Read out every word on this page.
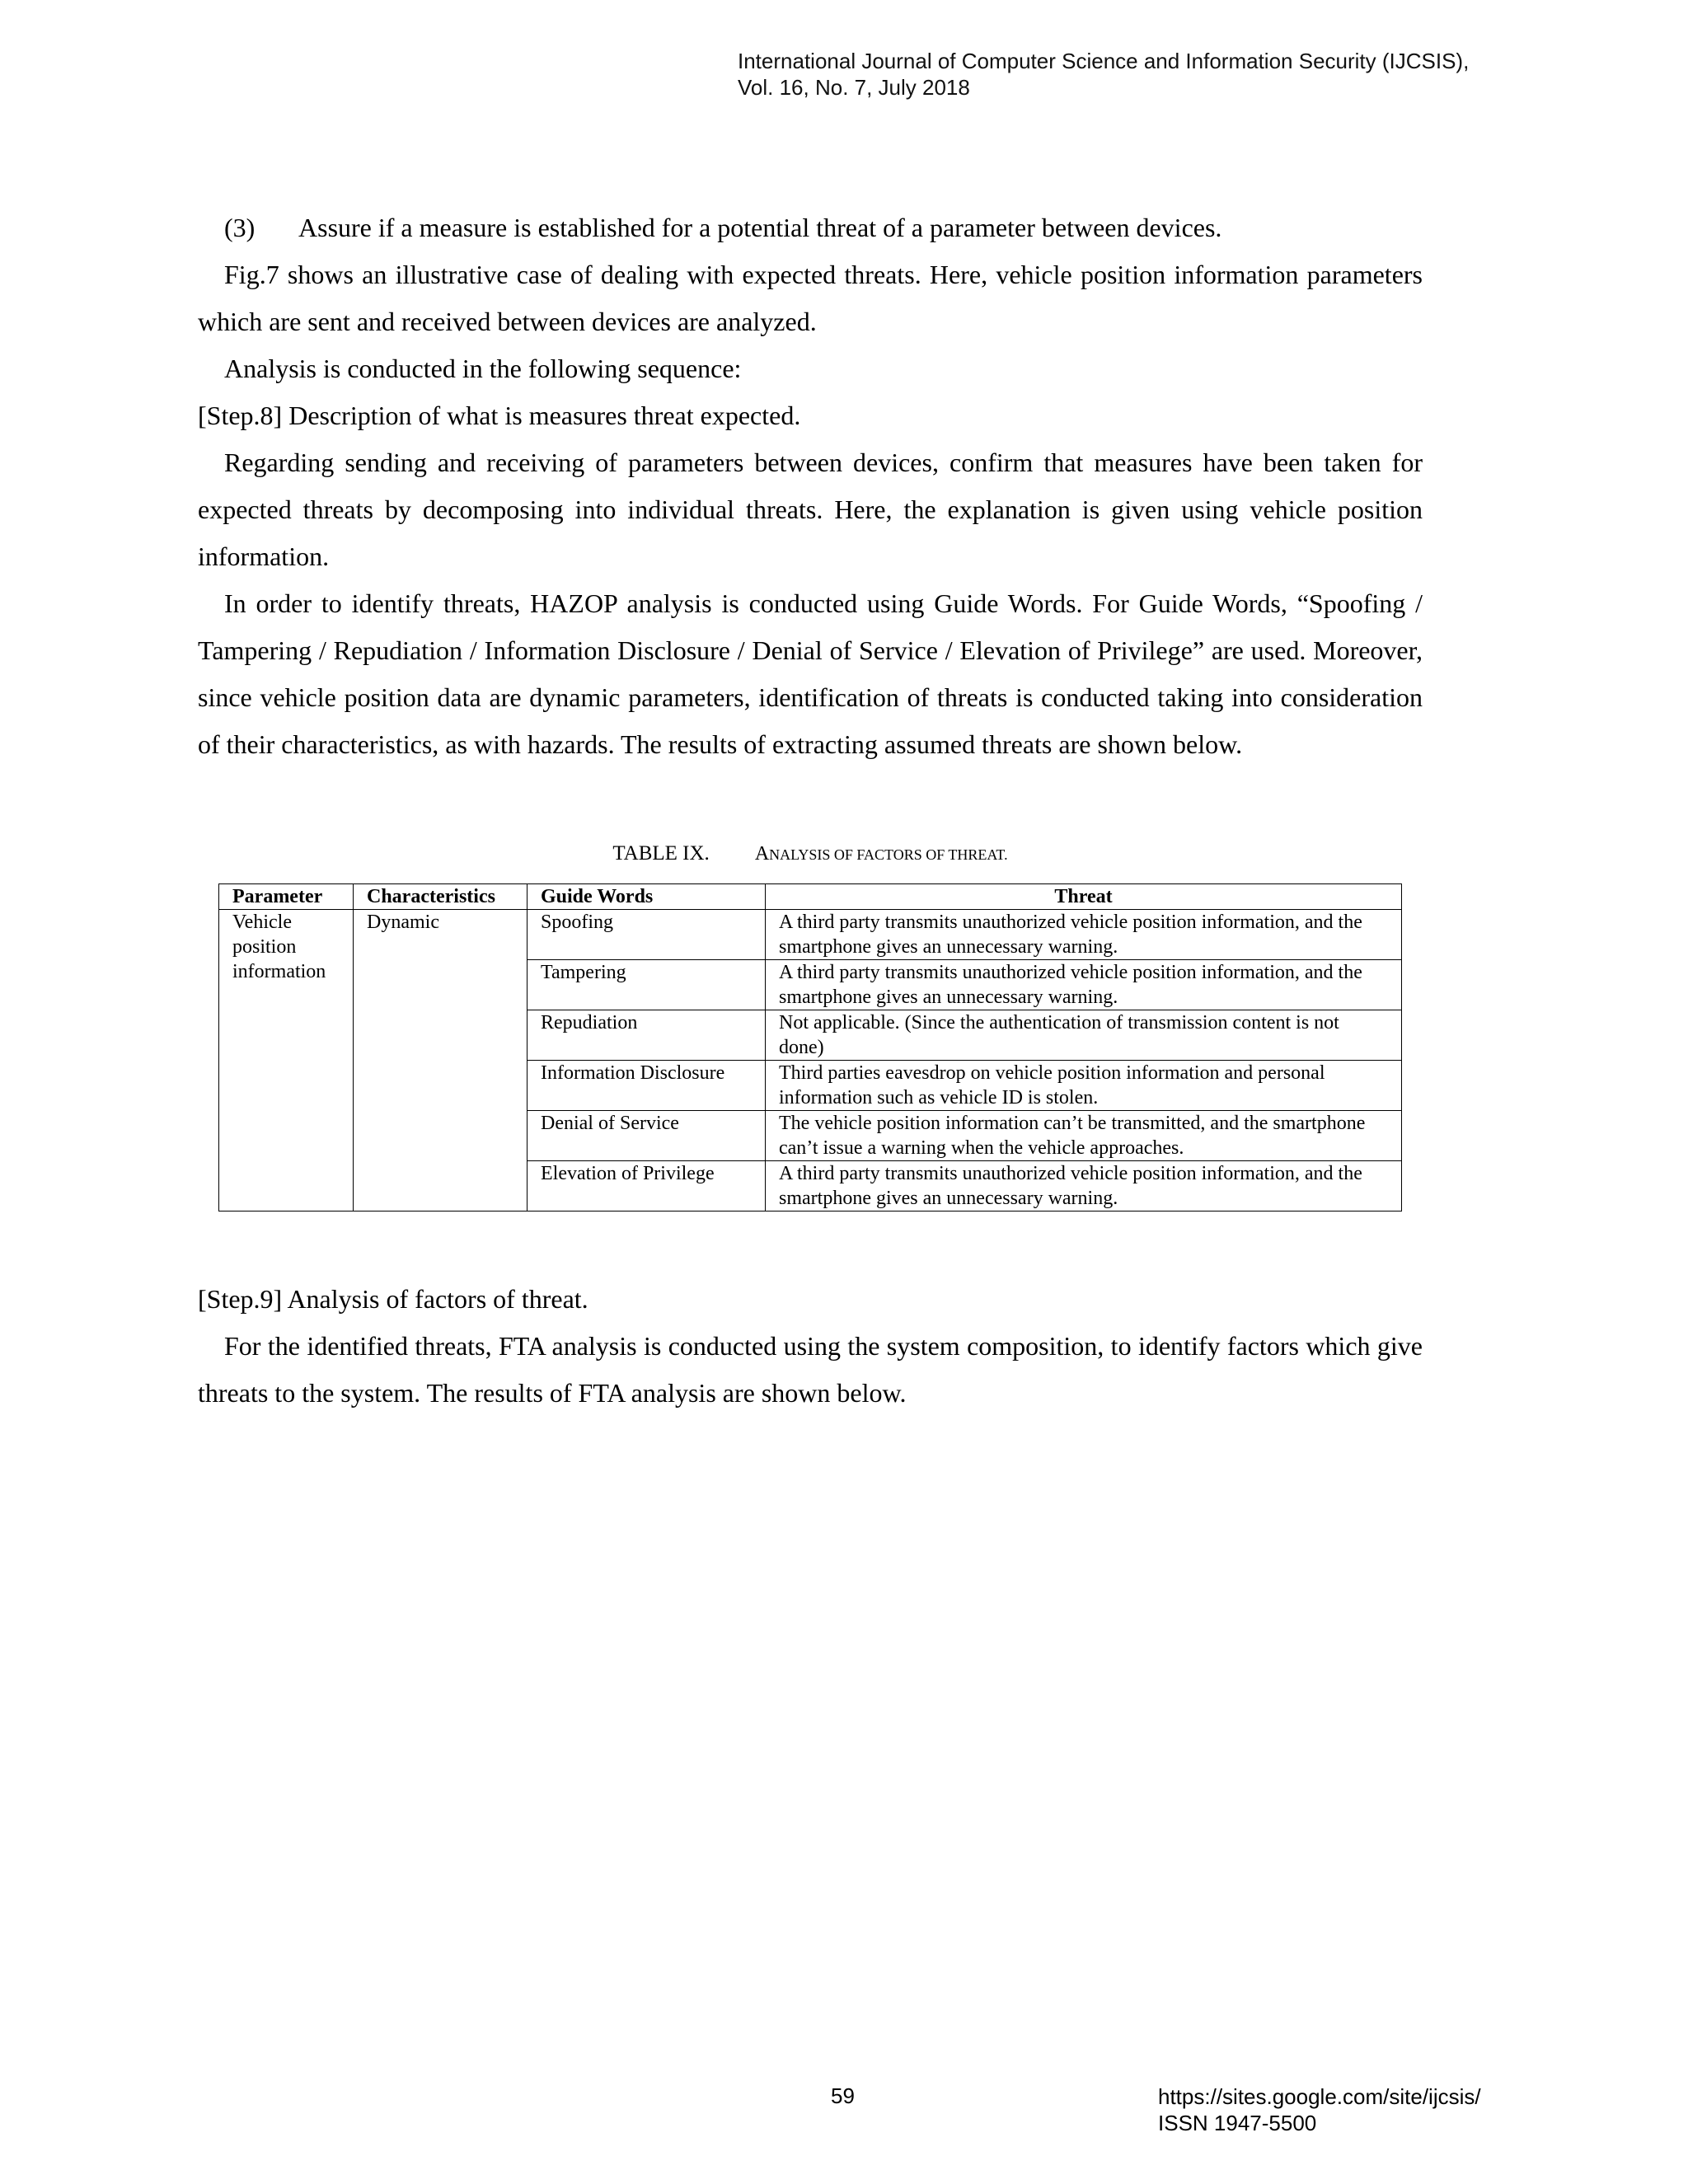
International Journal of Computer Science and Information Security (IJCSIS),
Vol. 16, No. 7, July 2018

(3) Assure if a measure is established for a potential threat of a parameter between devices.

Fig.7 shows an illustrative case of dealing with expected threats. Here, vehicle position information parameters which are sent and received between devices are analyzed.

Analysis is conducted in the following sequence:

[Step.8] Description of what is measures threat expected.

Regarding sending and receiving of parameters between devices, confirm that measures have been taken for expected threats by decomposing into individual threats. Here, the explanation is given using vehicle position information.

In order to identify threats, HAZOP analysis is conducted using Guide Words. For Guide Words, “Spoofing / Tampering / Repudiation / Information Disclosure / Denial of Service / Elevation of Privilege” are used. Moreover, since vehicle position data are dynamic parameters, identification of threats is conducted taking into consideration of their characteristics, as with hazards. The results of extracting assumed threats are shown below.

TABLE IX. ANALYSIS OF FACTORS OF THREAT.
Parameter	Characteristics	Guide Words	Threat
Vehicle position information	Dynamic	Spoofing	A third party transmits unauthorized vehicle position information, and the smartphone gives an unnecessary warning.
		Tampering	A third party transmits unauthorized vehicle position information, and the smartphone gives an unnecessary warning.
		Repudiation	Not applicable. (Since the authentication of transmission content is not done)
		Information Disclosure	Third parties eavesdrop on vehicle position information and personal information such as vehicle ID is stolen.
		Denial of Service	The vehicle position information can’t be transmitted, and the smartphone can’t issue a warning when the vehicle approaches.
		Elevation of Privilege	A third party transmits unauthorized vehicle position information, and the smartphone gives an unnecessary warning.

[Step.9] Analysis of factors of threat.

For the identified threats, FTA analysis is conducted using the system composition, to identify factors which give threats to the system. The results of FTA analysis are shown below.

59	https://sites.google.com/site/ijcsis/
ISSN 1947-5500
